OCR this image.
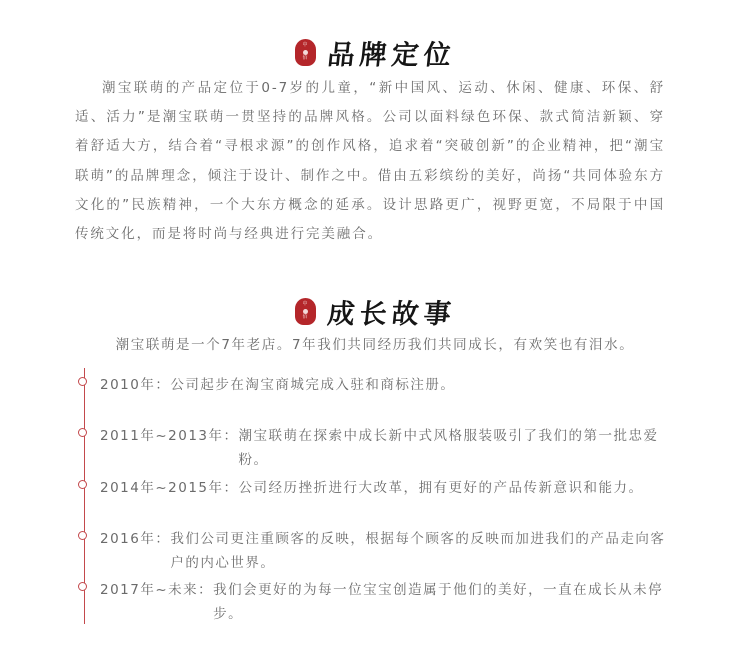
中
佰 品牌定位

潮宝联萌的产品定位于0-7岁的儿童，“新中国风、运动、休闲、健康、环保、舒适、活力”是潮宝联萌一贯坚持的品牌风格。公司以面料绿色环保、款式简洁新颖、穿着舒适大方，结合着“寻根求源”的创作风格，追求着“突破创新”的企业精神，把“潮宝联萌”的品牌理念，倾注于设计、制作之中。借由五彩缤纷的美好，尚扬“共同体验东方文化的”民族精神，一个大东方概念的延承。设计思路更广，视野更宽，不局限于中国传统文化，而是将时尚与经典进行完美融合。

中
佰 成长故事

潮宝联萌是一个7年老店。7年我们共同经历我们共同成长，有欢笑也有泪水。

2010年： 公司起步在淘宝商城完成入驻和商标注册。
2011年~2013年： 潮宝联萌在探索中成长新中式风格服装吸引了我们的第一批忠爱粉。
2014年~2015年： 公司经历挫折进行大改革，拥有更好的产品传新意识和能力。
2016年： 我们公司更注重顾客的反映，根据每个顾客的反映而加进我们的产品走向客户的内心世界。
2017年~未来： 我们会更好的为每一位宝宝创造属于他们的美好，一直在成长从未停步。
